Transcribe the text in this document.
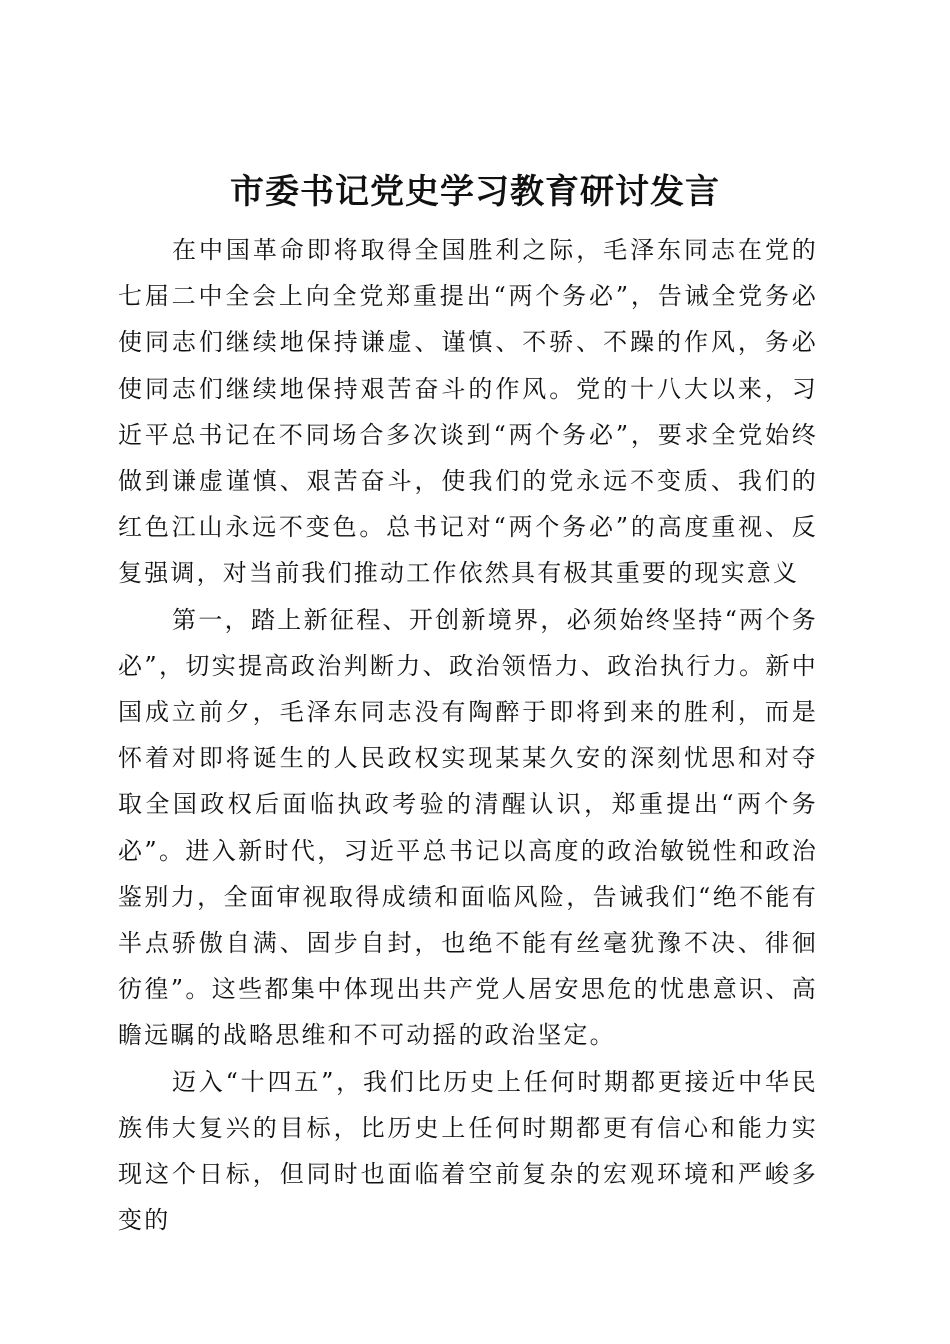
市委书记党史学习教育研讨发言

在中国革命即将取得全国胜利之际，毛泽东同志在党的七届二中全会上向全党郑重提出“两个务必”，告诫全党务必使同志们继续地保持谦虚、谨慎、不骄、不躁的作风，务必使同志们继续地保持艰苦奋斗的作风。党的十八大以来，习近平总书记在不同场合多次谈到“两个务必”，要求全党始终做到谦虚谨慎、艰苦奋斗，使我们的党永远不变质、我们的红色江山永远不变色。总书记对“两个务必”的高度重视、反复强调，对当前我们推动工作依然具有极其重要的现实意义

第一，踏上新征程、开创新境界，必须始终坚持“两个务必”，切实提高政治判断力、政治领悟力、政治执行力。新中国成立前夕，毛泽东同志没有陶醉于即将到来的胜利，而是怀着对即将诞生的人民政权实现某某久安的深刻忧思和对夺取全国政权后面临执政考验的清醒认识，郑重提出“两个务必”。进入新时代，习近平总书记以高度的政治敏锐性和政治鉴别力，全面审视取得成绩和面临风险，告诫我们“绝不能有半点骄傲自满、固步自封，也绝不能有丝毫犹豫不决、徘徊彷徨”。这些都集中体现出共产党人居安思危的忧患意识、高瞻远瞩的战略思维和不可动摇的政治坚定。

迈入“十四五”，我们比历史上任何时期都更接近中华民族伟大复兴的目标，比历史上任何时期都更有信心和能力实现这个日标，但同时也面临着空前复杂的宏观环境和严峻多变的
